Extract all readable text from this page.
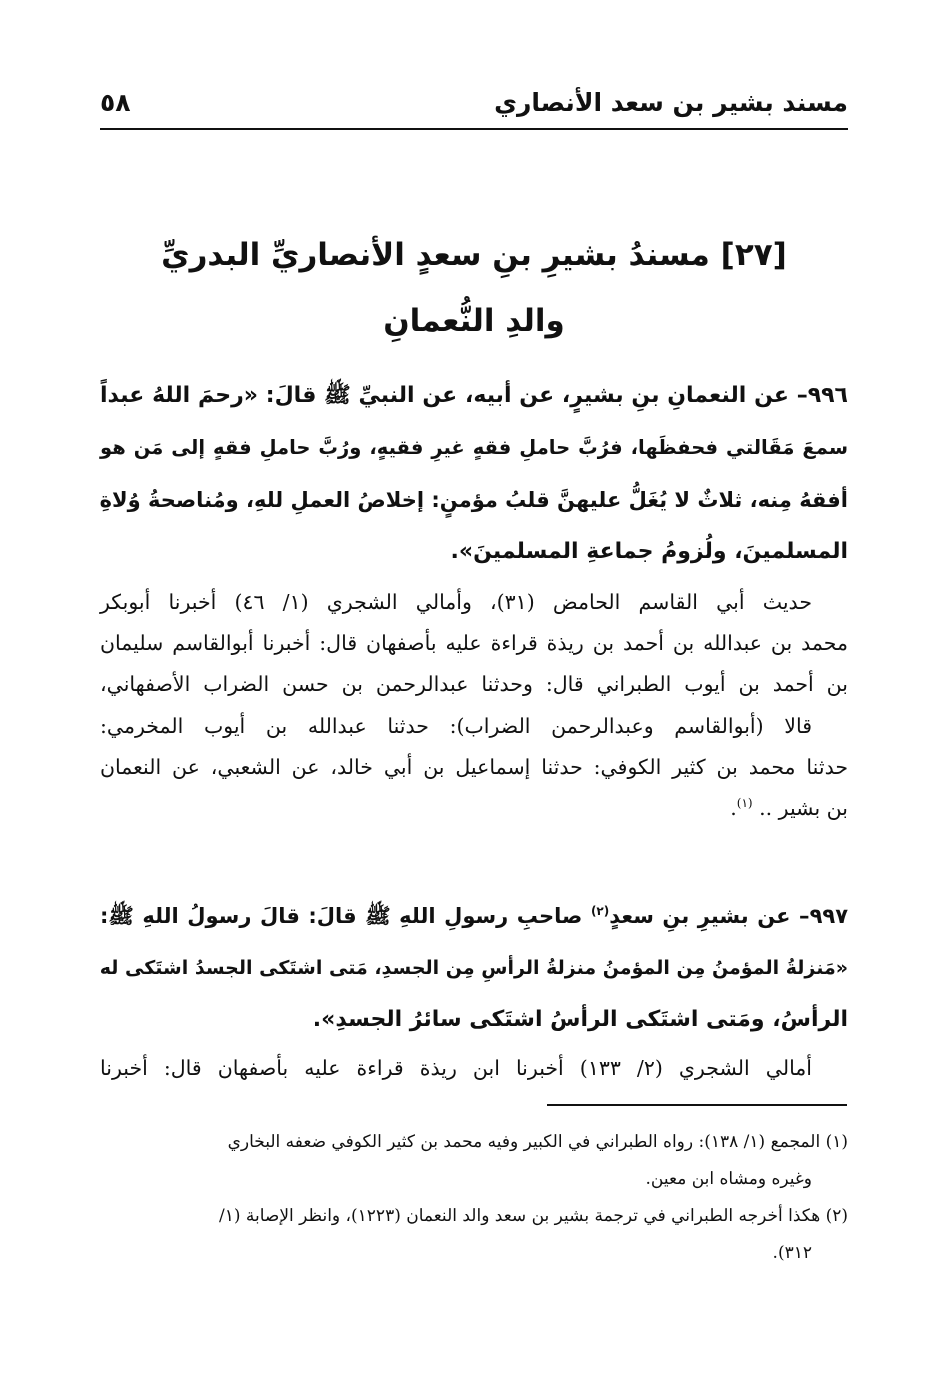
مسند بشير بن سعد الأنصاري
٥٨
[٢٧] مسندُ بشيرِ بنِ سعدٍ الأنصاريِّ البدريِّ
والدِ النُّعمانِ
٩٩٦– عن النعمانِ بنِ بشيرٍ، عن أبيه، عن النبيِّ ﷺ قالَ: «رحمَ اللهُ عبداً
سمعَ مَقَالتي فحفظَها، فرُبَّ حاملِ فقهٍ غيرِ فقيهٍ، ورُبَّ حاملِ فقهٍ إلى مَن هو
أفقهُ مِنه، ثلاثٌ لا يُغَلُّ عليهنَّ قلبُ مؤمنٍ: إخلاصُ العملِ للهِ، ومُناصحةُ وُلاةِ
المسلمينَ، ولُزومُ جماعةِ المسلمينَ».
حديث أبي القاسم الحامض (٣١)، وأمالي الشجري (١/ ٤٦) أخبرنا أبوبكر
محمد بن عبدالله بن أحمد بن ريذة قراءة عليه بأصفهان قال: أخبرنا أبوالقاسم سليمان
بن أحمد بن أيوب الطبراني قال: وحدثنا عبدالرحمن بن حسن الضراب الأصفهاني،
قالا (أبوالقاسم وعبدالرحمن الضراب): حدثنا عبدالله بن أيوب المخرمي:
حدثنا محمد بن كثير الكوفي: حدثنا إسماعيل بن أبي خالد، عن الشعبي، عن النعمان
بن بشير .. $^{(١)}$.
٩٩٧– عن بشيرِ بنِ سعدٍ$^{(٢)}$ صاحبِ رسولِ اللهِ ﷺ قالَ: قالَ رسولُ اللهِ ﷺ:
«مَنزلةُ المؤمنُ مِن المؤمنُ منزلةُ الرأسِ مِن الجسدِ، مَتى اشتَكى الجسدُ اشتَكى له
الرأسُ، ومَتى اشتَكى الرأسُ اشتَكى سائرُ الجسدِ».
أمالي الشجري (٢/ ١٣٣) أخبرنا ابن ريذة قراءة عليه بأصفهان قال: أخبرنا
(١) المجمع (١/ ١٣٨): رواه الطبراني في الكبير وفيه محمد بن كثير الكوفي ضعفه البخاري
وغيره ومشاه ابن معين.
(٢) هكذا أخرجه الطبراني في ترجمة بشير بن سعد والد النعمان (١٢٢٣)، وانظر الإصابة (١/
٣١٢).
